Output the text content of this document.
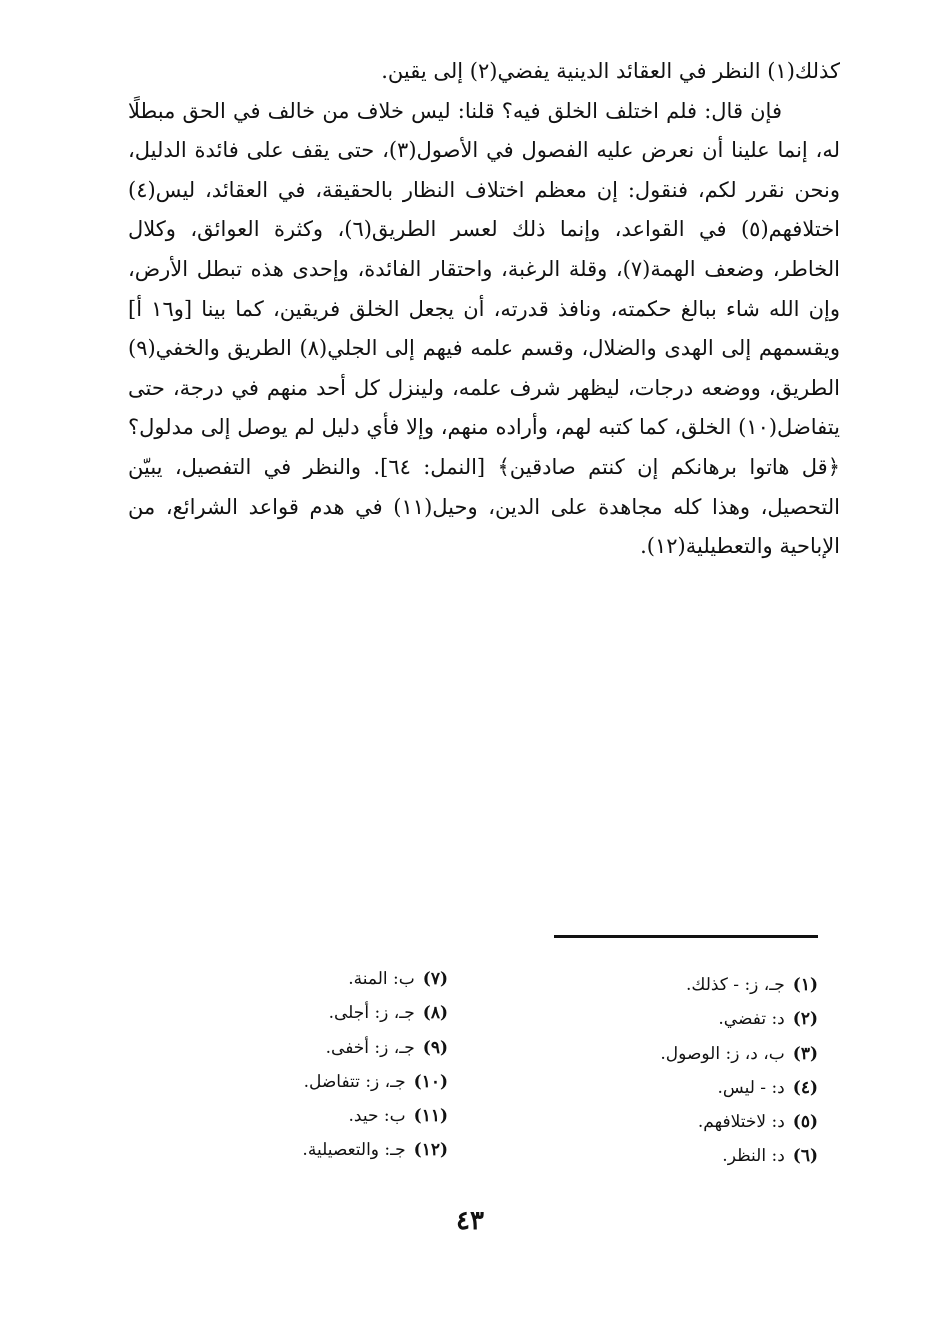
كذلك(١) النظر في العقائد الدينية يفضي(٢) إلى يقين.

فإن قال: فلم اختلف الخلق فيه؟ قلنا: ليس خلاف من خالف في الحق مبطلًا له، إنما علينا أن نعرض عليه الفصول في الأصول(٣)، حتى يقف على فائدة الدليل، ونحن نقرر لكم، فنقول: إن معظم اختلاف النظار بالحقيقة، في العقائد، ليس(٤) اختلافهم(٥) في القواعد، وإنما ذلك لعسر الطريق(٦)، وكثرة العوائق، وكلال الخاطر، وضعف الهمة(٧)، وقلة الرغبة، واحتقار الفائدة، وإحدى هذه تبطل الأرض، وإن الله شاء ببالغ حكمته، ونافذ قدرته، أن يجعل الخلق فريقين، كما بينا [و١٦ أ] ويقسمهم إلى الهدى والضلال، وقسم علمه فيهم إلى الجلي(٨) الطريق والخفي(٩) الطريق، ووضعه درجات، ليظهر شرف علمه، ولينزل كل أحد منهم في درجة، حتى يتفاضل(١٠) الخلق، كما كتبه لهم، وأراده منهم، وإلا فأي دليل لم يوصل إلى مدلول؟ ﴿قل هاتوا برهانكم إن كنتم صادقين﴾ [النمل: ٦٤]. والنظر في التفصيل، يبيّن التحصيل، وهذا كله مجاهدة على الدين، وحيل(١١) في هدم قواعد الشرائع، من الإباحية والتعطيلية(١٢).

(١)جـ، ز: - كذلك.
(٢)د: تفضي.
(٣)ب، د، ز: الوصول.
(٤)د: - ليس.
(٥)د: لاختلافهم.
(٦)د: النظر.
(٧)ب: المنة.
(٨)جـ، ز: أجلى.
(٩)جـ، ز: أخفى.
(١٠)جـ، ز: تتفاضل.
(١١)ب: حيد.
(١٢)جـ: والتعصيلية.
٤٣
